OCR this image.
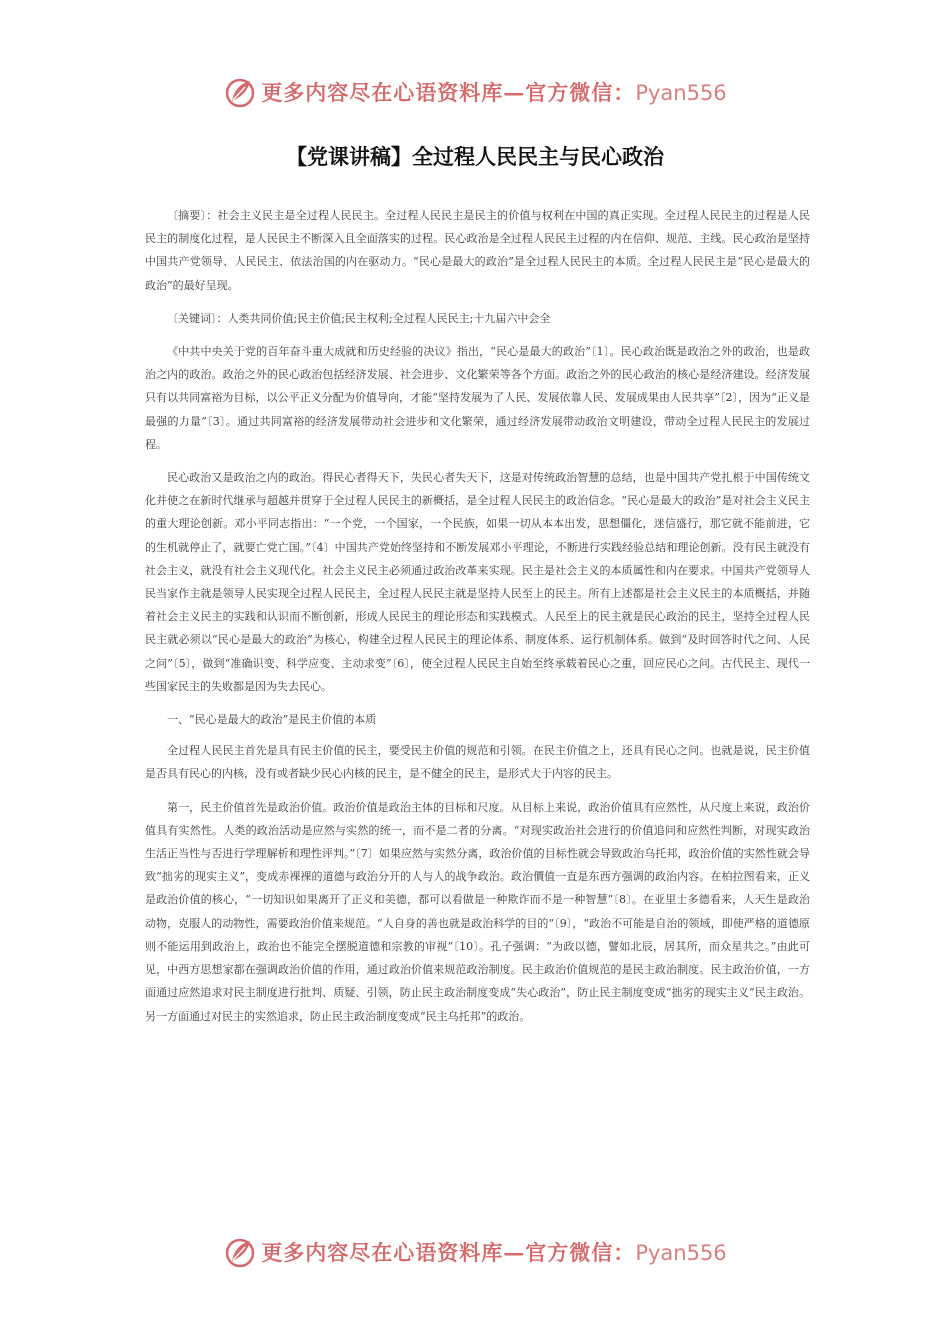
更多内容尽在心语资料库—官方微信：Pyan556
【党课讲稿】全过程人民民主与民心政治

〔摘要〕：社会主义民主是全过程人民民主。全过程人民民主是民主的价值与权利在中国的真正实现。全过程人民民主的过程是人民民主的制度化过程，是人民民主不断深入且全面落实的过程。民心政治是全过程人民民主过程的内在信仰、规范、主线。民心政治是坚持中国共产党领导、人民民主、依法治国的内在驱动力。“民心是最大的政治”是全过程人民民主的本质。全过程人民民主是“民心是最大的政治”的最好呈现。

〔关键词〕：人类共同价值;民主价值;民主权利;全过程人民民主;十九届六中会全

《中共中央关于党的百年奋斗重大成就和历史经验的决议》指出，“民心是最大的政治”〔1〕。民心政治既是政治之外的政治，也是政治之内的政治。政治之外的民心政治包括经济发展、社会进步、文化繁荣等各个方面。政治之外的民心政治的核心是经济建设。经济发展只有以共同富裕为目标，以公平正义分配为价值导向，才能“坚持发展为了人民、发展依靠人民、发展成果由人民共享”〔2〕，因为“正义是最强的力量”〔3〕。通过共同富裕的经济发展带动社会进步和文化繁荣，通过经济发展带动政治文明建设，带动全过程人民民主的发展过程。

民心政治又是政治之内的政治。得民心者得天下，失民心者失天下，这是对传统政治智慧的总结，也是中国共产党扎根于中国传统文化并使之在新时代继承与超越并贯穿于全过程人民民主的新概括，是全过程人民民主的政治信念。“民心是最大的政治”是对社会主义民主的重大理论创新。邓小平同志指出：“一个党，一个国家，一个民族，如果一切从本本出发，思想僵化，迷信盛行，那它就不能前进，它的生机就停止了，就要亡党亡国。”〔4〕中国共产党始终坚持和不断发展邓小平理论，不断进行实践经验总结和理论创新。没有民主就没有社会主义，就没有社会主义现代化。社会主义民主必须通过政治改革来实现。民主是社会主义的本质属性和内在要求。中国共产党领导人民当家作主就是领导人民实现全过程人民民主，全过程人民民主就是坚持人民至上的民主。所有上述都是社会主义民主的本质概括，并随着社会主义民主的实践和认识而不断创新，形成人民民主的理论形态和实践模式。人民至上的民主就是民心政治的民主，坚持全过程人民民主就必须以“民心是最大的政治”为核心，构建全过程人民民主的理论体系、制度体系、运行机制体系。做到“及时回答时代之问、人民之问”〔5〕，做到“准确识变、科学应变、主动求变”〔6〕，使全过程人民民主自始至终承载着民心之重，回应民心之问。古代民主、现代一些国家民主的失败都是因为失去民心。

一、“民心是最大的政治”是民主价值的本质

全过程人民民主首先是具有民主价值的民主，要受民主价值的规范和引领。在民主价值之上，还具有民心之问。也就是说，民主价值是否具有民心的内核，没有或者缺少民心内核的民主，是不健全的民主，是形式大于内容的民主。

第一，民主价值首先是政治价值。政治价值是政治主体的目标和尺度。从目标上来说，政治价值具有应然性，从尺度上来说，政治价值具有实然性。人类的政治活动是应然与实然的统一，而不是二者的分离。“对现实政治社会进行的价值追问和应然性判断，对现实政治生活正当性与否进行学理解析和理性评判。”〔7〕如果应然与实然分离，政治价值的目标性就会导致政治乌托邦，政治价值的实然性就会导致“拙劣的现实主义”，变成赤裸裸的道德与政治分开的人与人的战争政治。政治價值一直是东西方强调的政治内容。在柏拉图看来，正义是政治价值的核心，“一切知识如果离开了正义和美德，都可以看做是一种欺诈而不是一种智慧”〔8〕。在亚里士多德看来，人天生是政治动物，克服人的动物性，需要政治价值来规范。“人自身的善也就是政治科学的目的”〔9〕，“政治不可能是自治的领域，即使严格的道德原则不能运用到政治上，政治也不能完全摆脱道德和宗教的审视”〔10〕。孔子强调：“为政以德，譬如北辰，居其所，而众星共之。”由此可见，中西方思想家都在强调政治价值的作用，通过政治价值来规范政治制度。民主政治价值规范的是民主政治制度。民主政治价值，一方面通过应然追求对民主制度进行批判、质疑、引领，防止民主政治制度变成“失心政治”，防止民主制度变成“拙劣的现实主义”民主政治。另一方面通过对民主的实然追求，防止民主政治制度变成“民主乌托邦”的政治。

更多内容尽在心语资料库—官方微信：Pyan556
